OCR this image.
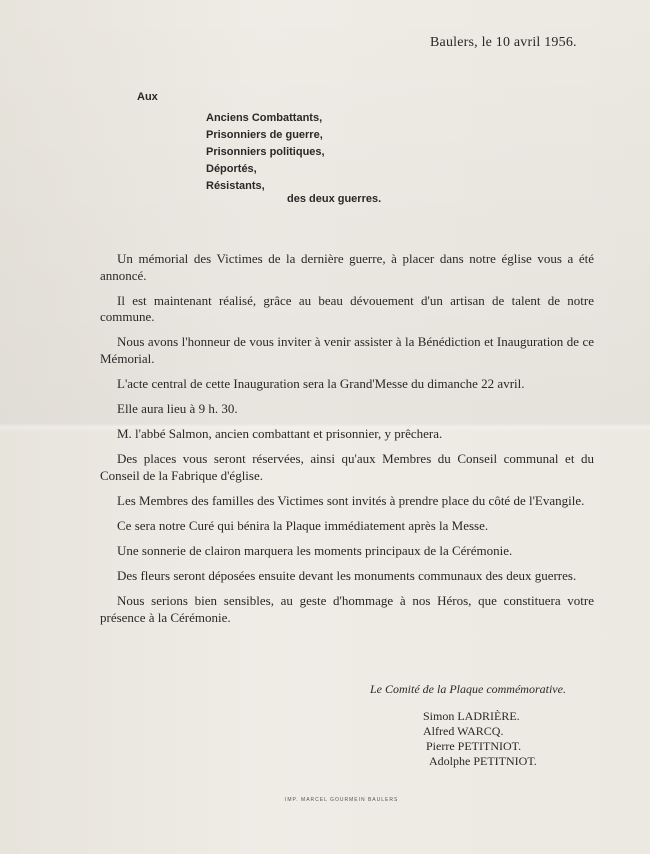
Baulers, le 10 avril 1956.
Aux
Anciens Combattants,
Prisonniers de guerre,
Prisonniers politiques,
Déportés,
Résistants,
des deux guerres.

Un mémorial des Victimes de la dernière guerre, à placer dans notre église vous a été annoncé.

Il est maintenant réalisé, grâce au beau dévouement d'un artisan de talent de notre commune.

Nous avons l'honneur de vous inviter à venir assister à la Bénédiction et Inauguration de ce Mémorial.

L'acte central de cette Inauguration sera la Grand'Messe du dimanche 22 avril.

Elle aura lieu à 9 h. 30.

M. l'abbé Salmon, ancien combattant et prisonnier, y prêchera.

Des places vous seront réservées, ainsi qu'aux Membres du Conseil communal et du Conseil de la Fabrique d'église.

Les Membres des familles des Victimes sont invités à prendre place du côté de l'Evangile.

Ce sera notre Curé qui bénira la Plaque immédiatement après la Messe.

Une sonnerie de clairon marquera les moments principaux de la Cérémonie.

Des fleurs seront déposées ensuite devant les monuments communaux des deux guerres.

Nous serions bien sensibles, au geste d'hommage à nos Héros, que constituera votre présence à la Cérémonie.

Le Comité de la Plaque commémorative.
Simon LADRIÈRE.
Alfred WARCQ.
Pierre PETITNIOT.
Adolphe PETITNIOT.
IMP. MARCEL GOURMEIN BAULERS
